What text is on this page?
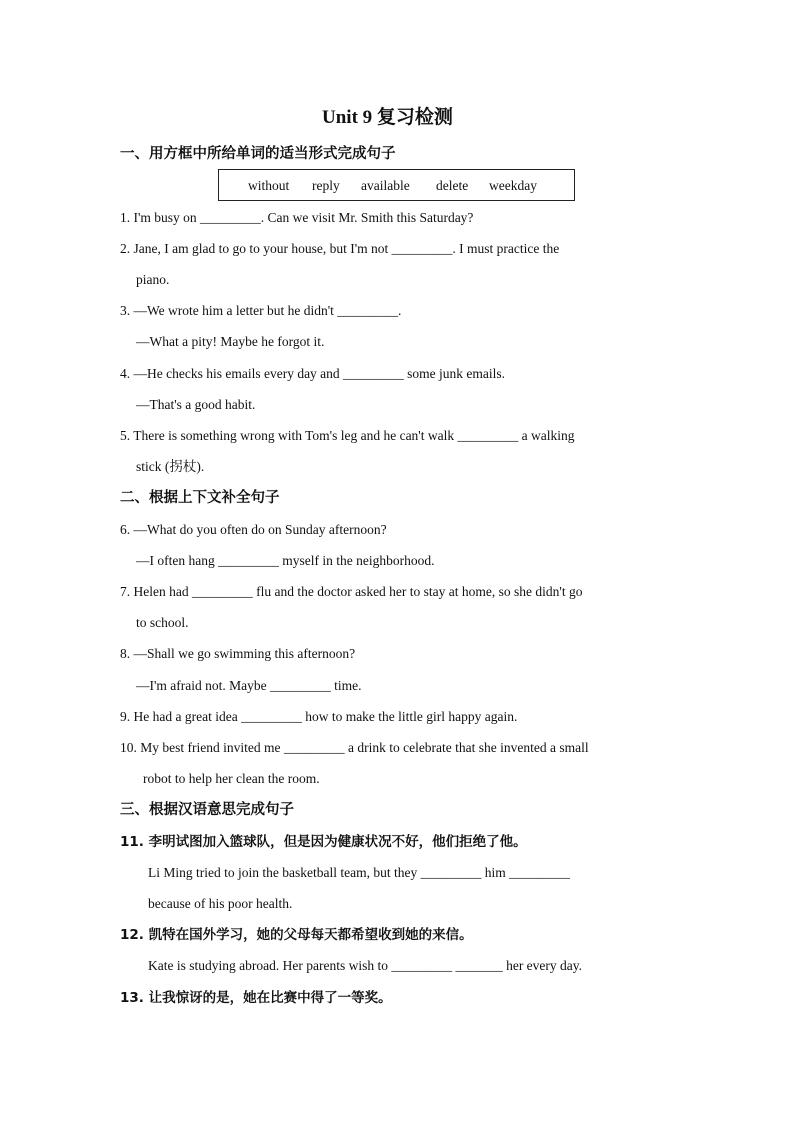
Unit 9 复习检测
一、用方框中所给单词的适当形式完成句子
without reply available delete weekday
1. I'm busy on _________. Can we visit Mr. Smith this Saturday?
2. Jane, I am glad to go to your house, but I'm not _________. I must practice the
piano.
3. —We wrote him a letter but he didn't _________.
—What a pity! Maybe he forgot it.
4. —He checks his emails every day and _________ some junk emails.
—That's a good habit.
5. There is something wrong with Tom's leg and he can't walk _________ a walking
stick (拐杖).
二、根据上下文补全句子
6. —What do you often do on Sunday afternoon?
—I often hang _________ myself in the neighborhood.
7. Helen had _________ flu and the doctor asked her to stay at home, so she didn't go
to school.
8. —Shall we go swimming this afternoon?
—I'm afraid not. Maybe _________ time.
9. He had a great idea _________ how to make the little girl happy again.
10. My best friend invited me _________ a drink to celebrate that she invented a small
robot to help her clean the room.
三、根据汉语意思完成句子
11. 李明试图加入篮球队，但是因为健康状况不好，他们拒绝了他。
Li Ming tried to join the basketball team, but they _________ him _________
because of his poor health.
12. 凯特在国外学习，她的父母每天都希望收到她的来信。
Kate is studying abroad. Her parents wish to _________ _______ her every day.
13. 让我惊讶的是，她在比赛中得了一等奖。
